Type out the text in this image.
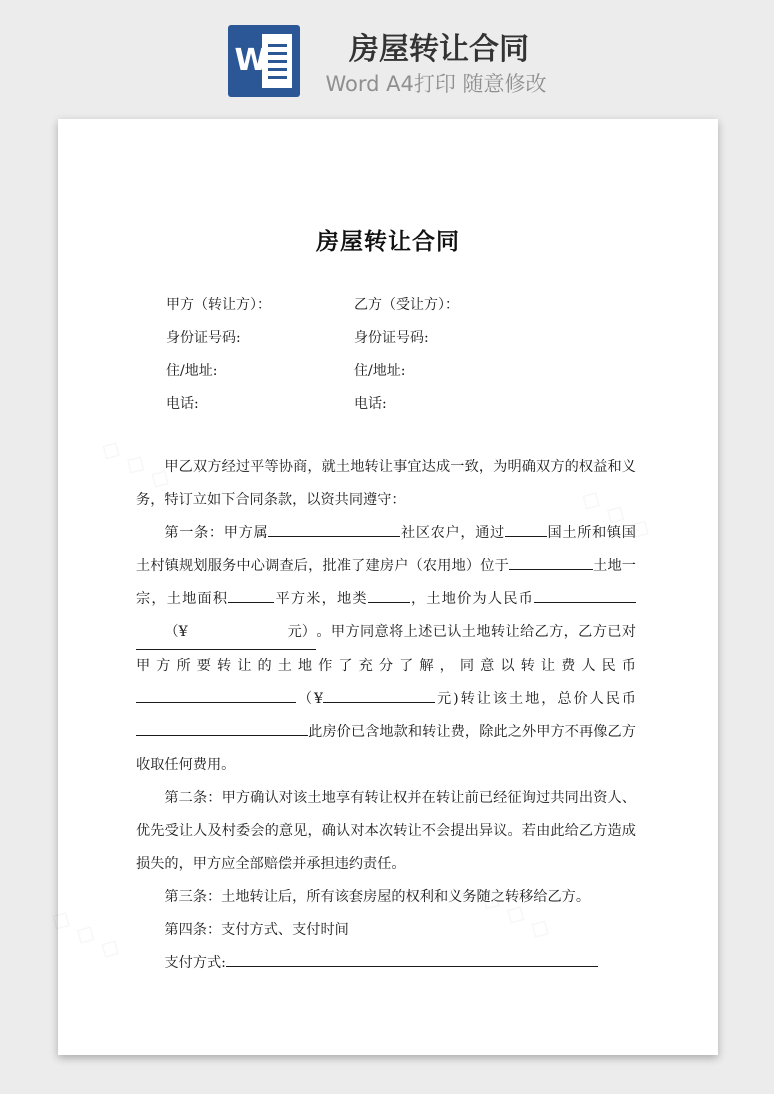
W	房屋转让合同
Word A4打印 随意修改
房屋转让合同

甲方（转让方）：	乙方（受让方）：

身份证号码:	身份证号码:

住/地址:	住/地址:

电话:	电话:

甲乙双方经过平等协商，就土地转让事宜达成一致，为明确双方的权益和义务，特订立如下合同条款，以资共同遵守：

第一条：甲方属	社区农户，通过	国土所和镇国土村镇规划服务中心调查后，批准了建房户（农用地）位于	土地一宗，土地面积	平方米，地类	，土地价为人民币（¥	元）。甲方同意将上述已认土地转让给乙方，乙方已对甲方所要转让的土地作了充分了解，同意以转让费人民币（¥	元)转让该土地，总价人民币此房价已含地款和转让费，除此之外甲方不再像乙方收取任何费用。

第二条：甲方确认对该土地享有转让权并在转让前已经征询过共同出资人、优先受让人及村委会的意见，确认对本次转让不会提出异议。若由此给乙方造成损失的，甲方应全部赔偿并承担违约责任。

第三条：土地转让后，所有该套房屋的权利和义务随之转移给乙方。

第四条：支付方式、支付时间

支付方式:
